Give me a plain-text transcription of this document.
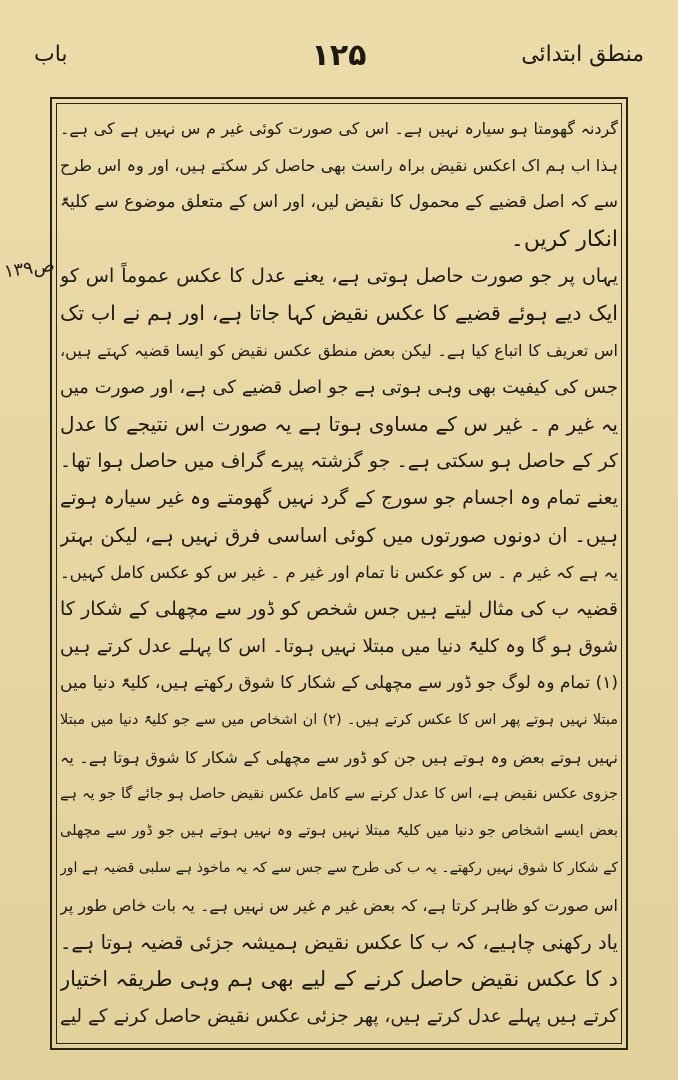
باب	۱۲۵	منطق ابتدائی
ص۱۳۹
گردنہ گھومتا ہو سیارہ نہیں ہے۔ اس کی صورت کوئی غیر م س نہیں ہے کی ہے۔
ہذا اب ہم اک اعکس نقیض براہ راست بھی حاصل کر سکتے ہیں، اور وہ اس طرح
سے کہ اصل قضیے کے محمول کا نقیض لیں، اور اس کے متعلق موضوع سے کلیۃً
انکار کریں۔
یہاں پر جو صورت حاصل ہوتی ہے، یعنے عدل کا عکس عموماً اس کو
ایک دیے ہوئے قضیے کا عکس نقیض کہا جاتا ہے، اور ہم نے اب تک
اس تعریف کا اتباع کیا ہے۔ لیکن بعض منطق عکس نقیض کو ایسا قضیہ کہتے ہیں،
جس کی کیفیت بھی وہی ہوتی ہے جو اصل قضیے کی ہے، اور صورت میں
یہ غیر م ۔ غیر س کے مساوی ہوتا ہے یہ صورت اس نتیجے کا عدل
کر کے حاصل ہو سکتی ہے۔ جو گزشتہ پیرے گراف میں حاصل ہوا تھا۔
یعنے تمام وہ اجسام جو سورج کے گرد نہیں گھومتے وہ غیر سیارہ ہوتے
ہیں۔ ان دونوں صورتوں میں کوئی اساسی فرق نہیں ہے، لیکن بہتر
یہ ہے کہ غیر م ۔ س کو عکس نا تمام اور غیر م ۔ غیر س کو عکس کامل کہیں۔
قضیہ ب کی مثال لیتے ہیں جس شخص کو ڈور سے مچھلی کے شکار کا
شوق ہو گا وہ کلیۃً دنیا میں مبتلا نہیں ہوتا۔ اس کا پہلے عدل کرتے ہیں
(۱) تمام وہ لوگ جو ڈور سے مچھلی کے شکار کا شوق رکھتے ہیں، کلیۃً دنیا میں
مبتلا نہیں ہوتے پھر اس کا عکس کرتے ہیں۔ (۲) ان اشخاص میں سے جو کلیۃً دنیا میں مبتلا
نہیں ہوتے بعض وہ ہوتے ہیں جن کو ڈور سے مچھلی کے شکار کا شوق ہوتا ہے۔ یہ
جزوی عکس نقیض ہے، اس کا عدل کرنے سے کامل عکس نقیض حاصل ہو جائے گا جو یہ ہے
بعض ایسے اشخاص جو دنیا میں کلیۃً مبتلا نہیں ہوتے وہ نہیں ہوتے ہیں جو ڈور سے مچھلی
کے شکار کا شوق نہیں رکھتے۔ یہ ب کی طرح سے جس سے کہ یہ ماخوذ ہے سلبی قضیہ ہے اور
اس صورت کو ظاہر کرتا ہے، کہ بعض غیر م غیر س نہیں ہے۔ یہ بات خاص طور پر
یاد رکھنی چاہیے، کہ ب کا عکس نقیض ہمیشہ جزئی قضیہ ہوتا ہے۔
د کا عکس نقیض حاصل کرنے کے لیے بھی ہم وہی طریقہ اختیار
کرتے ہیں پہلے عدل کرتے ہیں، پھر جزئی عکس نقیض حاصل کرنے کے لیے
